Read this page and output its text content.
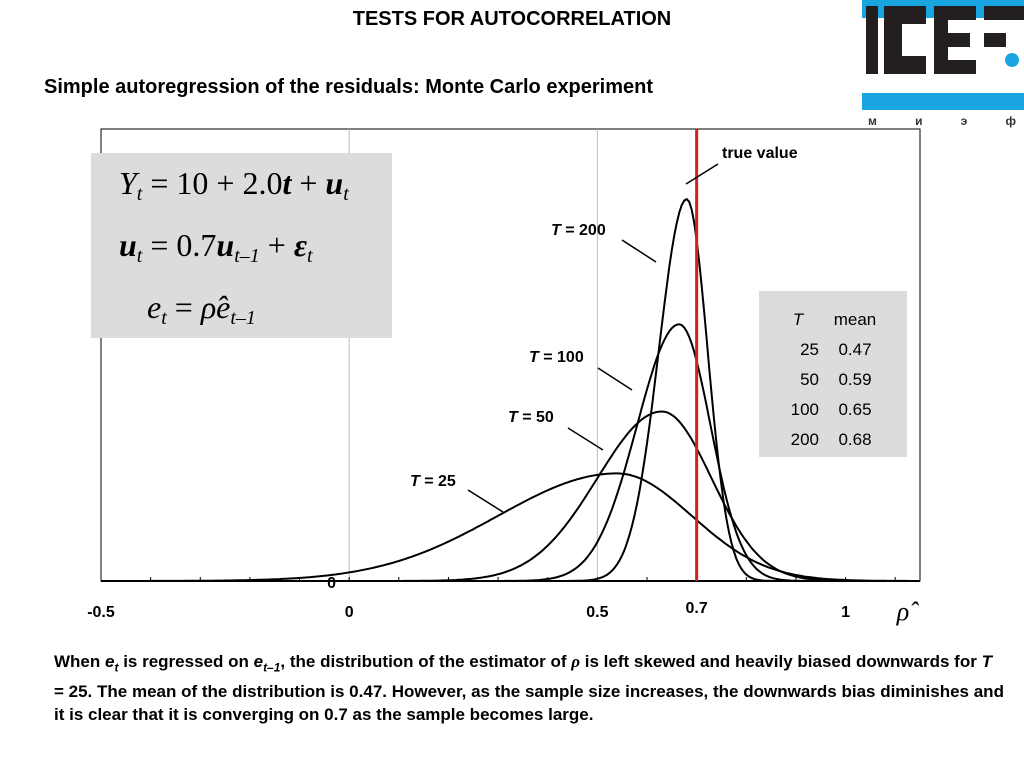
TESTS FOR AUTOCORRELATION
Simple autoregression of the residuals: Monte Carlo experiment
м	и	э	ф
true value
T = 200
T = 100
T = 50
T = 25
-0.5	0	0.5	1
0.7
0
ρ̂
$Y_t = 10 + 2.0t + u_t$
$u_t = 0.7u_{t-1} + \varepsilon_t$
$e_t$ = $\rhôe_{t-1}$	T	mean
25	0.47
50	0.59
100	0.65
200	0.68
When $e_t$ is regressed on $e_{t-1}$, the distribution of the estimator of ρ is left skewed and heavily biased downwards for T = 25. The mean of the distribution is 0.47. However, as the sample size increases, the downwards bias diminishes and it is clear that it is converging on 0.7 as the sample becomes large.
